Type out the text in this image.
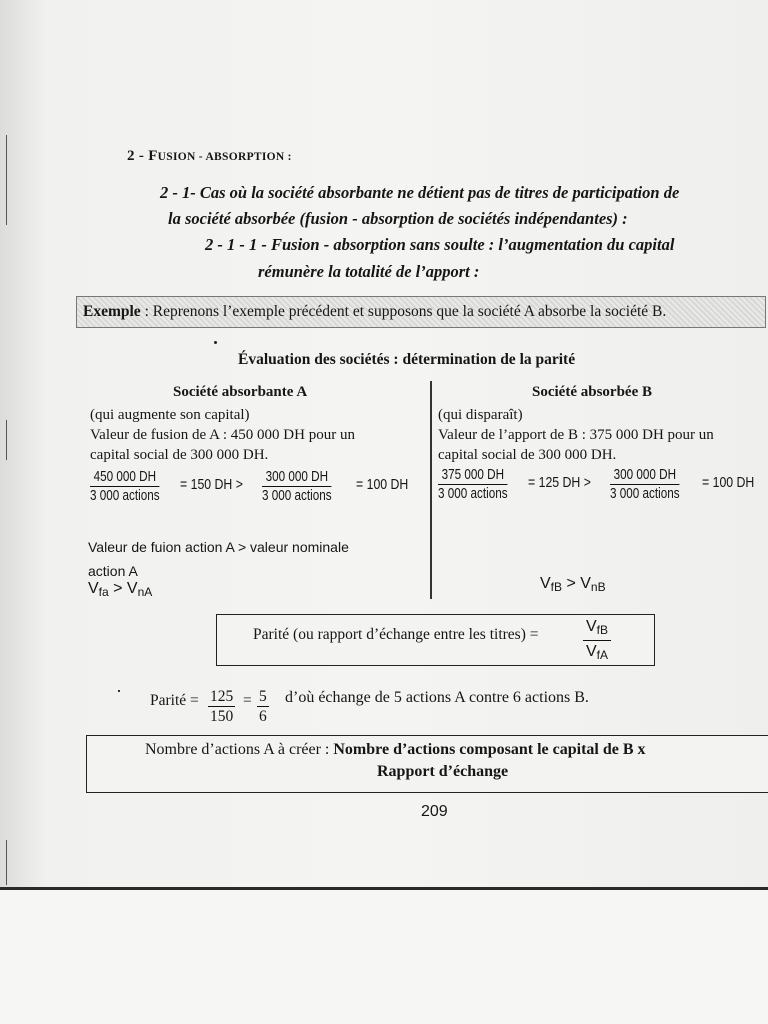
2 - FUSION - ABSORPTION :
2 - 1- Cas où la société absorbante ne détient pas de titres de participation de
la société absorbée (fusion - absorption de sociétés indépendantes) :
2 - 1 - 1 - Fusion - absorption sans soulte : l’augmentation du capital
rémunère la totalité de l’apport :
Exemple : Reprenons l’exemple précédent et supposons que la société A absorbe la société B.
Évaluation des sociétés : détermination de la parité
Société absorbante A
(qui augmente son capital)
Valeur de fusion de A : 450 000 DH pour un
capital social de 300 000 DH.
Société absorbée B
(qui disparaît)
Valeur de l’apport de B : 375 000 DH pour un
capital social de 300 000 DH.
450 000 DH
3 000 actions
= 150 DH > 300 000 DH
3 000 actions
= 100 DH
375 000 DH
3 000 actions
= 125 DH > 300 000 DH
3 000 actions
= 100 DH
Valeur de fuion action A > valeur nominale
action A
$V_{fa} > V_{nA}$	$V_{fB} > V_{nB}$
Parité (ou rapport d’échange entre les titres) =	$V_{fB}$
$V_{fA}$
Parité = $\frac{125}{150} = \frac{5}{6}$ d’où échange de 5 actions A contre 6 actions B.
Nombre d’actions A à créer : Nombre d’actions composant le capital de B x
Rapport d’échange
209
